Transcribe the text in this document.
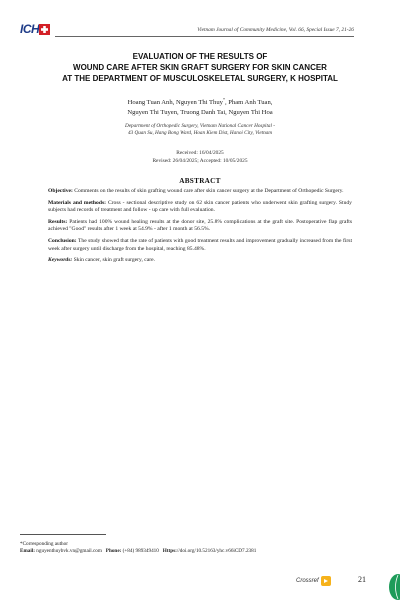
ICH	Vietnam Journal of Community Medicine, Vol. 66, Special Issue 7, 21-26
EVALUATION OF THE RESULTS OF
WOUND CARE AFTER SKIN GRAFT SURGERY FOR SKIN CANCER
AT THE DEPARTMENT OF MUSCULOSKELETAL SURGERY, K HOSPITAL
Hoang Tuan Anh, Nguyen Thi Thuy*, Pham Anh Tuan,
Nguyen Thi Tuyen, Truong Danh Tai, Nguyen Thi Hoa
Department of Orthopedic Surgery, Vietnam National Cancer Hospital -
43 Quan Su, Hang Bong Ward, Hoan Kiem Dist, Hanoi City, Vietnam
Received: 16/04/2025
Revised: 26/04/2025; Accepted: 10/05/2025
ABSTRACT

Objective: Comments on the results of skin grafting wound care after skin cancer surgery at the Department of Orthopedic Surgery.

Materials and methods: Cross - sectional descriptive study on 62 skin cancer patients who underwent skin grafting surgery. Study subjects had records of treatment and follow - up care with full evaluation.

Results: Patients had 100% wound healing results at the donor site, 25.8% complications at the graft site. Postoperative flap grafts achieved "Good" results after 1 week at 54.9% - after 1 month at 56.5%.

Conclusion: The study showed that the rate of patients with good treatment results and improvement gradually increased from the first week after surgery until discharge from the hospital, reaching 85.48%.

Keywords: Skin cancer, skin graft surgery, care.

*Corresponding author
Email: nguyenthuybvk.vn@gmail.com Phone: (+84) 989349410 Https://doi.org/10.52163/yhc.v66iCD7.2381
Crossref	21
